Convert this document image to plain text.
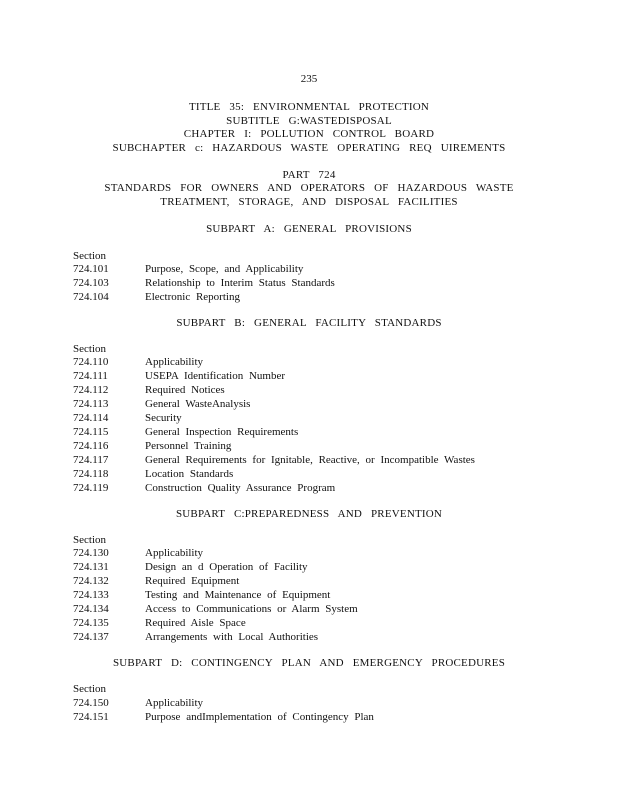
235
TITLE 35: ENVIRONMENTAL PROTECTION
SUBTITLE G:WASTEDISPOSAL
CHAPTER I: POLLUTION CONTROL BOARD
SUBCHAPTER c: HAZARDOUS WASTE OPERATING REQ UIREMENTS
PART 724
STANDARDS FOR OWNERS AND OPERATORS OF HAZARDOUS WASTE
TREATMENT, STORAGE, AND DISPOSAL FACILITIES
SUBPART A: GENERAL PROVISIONS
Section
724.101	Purpose, Scope, and Applicability
724.103	Relationship to Interim Status Standards
724.104	Electronic Reporting
SUBPART B: GENERAL FACILITY STANDARDS
Section
724.110	Applicability
724.111	USEPA Identification Number
724.112	Required Notices
724.113	General WasteAnalysis
724.114	Security
724.115	General Inspection Requirements
724.116	Personnel Training
724.117	General Requirements for Ignitable, Reactive, or Incompatible Wastes
724.118	Location Standards
724.119	Construction Quality Assurance Program
SUBPART C:PREPAREDNESS AND PREVENTION
Section
724.130	Applicability
724.131	Design an d Operation of Facility
724.132	Required Equipment
724.133	Testing and Maintenance of Equipment
724.134	Access to Communications or Alarm System
724.135	Required Aisle Space
724.137	Arrangements with Local Authorities
SUBPART D: CONTINGENCY PLAN AND EMERGENCY PROCEDURES
Section
724.150	Applicability
724.151	Purpose andImplementation of Contingency Plan
